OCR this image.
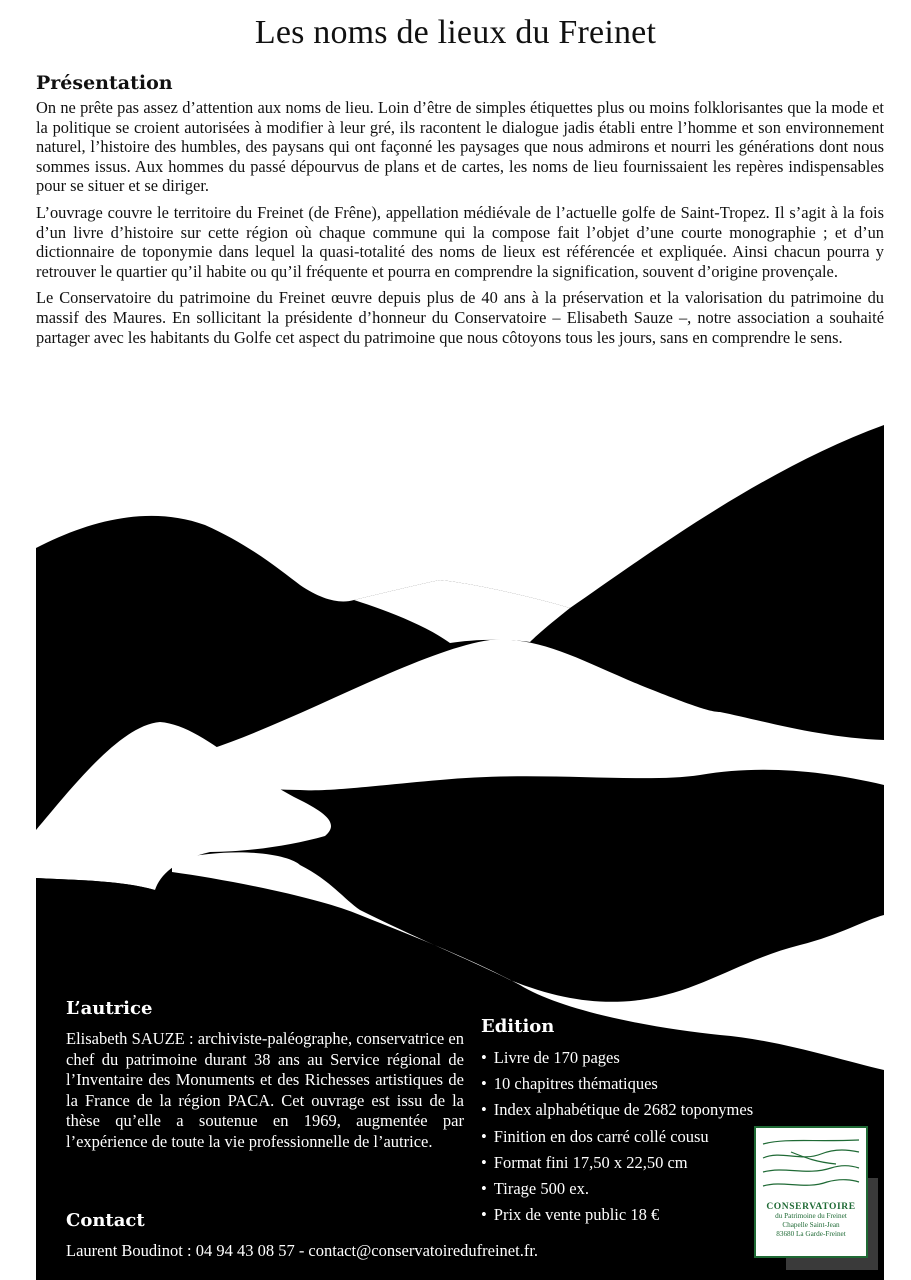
Les noms de lieux du Freinet
Présentation

On ne prête pas assez d’attention aux noms de lieu. Loin d’être de simples étiquettes plus ou moins folklorisantes que la mode et la politique se croient autorisées à modifier à leur gré, ils racontent le dialogue jadis établi entre l’homme et son environnement naturel, l’histoire des humbles, des paysans qui ont façonné les paysages que nous admirons et nourri les générations dont nous sommes issus. Aux hommes du passé dépourvus de plans et de cartes, les noms de lieu fournissaient les repères indispensables pour se situer et se diriger.

L’ouvrage couvre le territoire du Freinet (de Frêne), appellation médiévale de l’actuelle golfe de Saint-Tropez. Il s’agit à la fois d’un livre d’histoire sur cette région où chaque commune qui la compose fait l’objet d’une courte monographie ; et d’un dictionnaire de toponymie dans lequel la quasi-totalité des noms de lieux est référencée et expliquée. Ainsi chacun pourra y retrouver le quartier qu’il habite ou qu’il fréquente et pourra en comprendre la signification, souvent d’origine provençale.

Le Conservatoire du patrimoine du Freinet œuvre depuis plus de 40 ans à la préservation et la valorisation du patrimoine du massif des Maures. En sollicitant la présidente d’honneur du Conservatoire – Elisabeth Sauze –, notre association a souhaité partager avec les habitants du Golfe cet aspect du patrimoine que nous côtoyons tous les jours, sans en comprendre le sens.

L’autrice

Elisabeth SAUZE : archiviste-paléographe, conservatrice en chef du patrimoine durant 38 ans au Service régional de l’Inventaire des Monuments et des Richesses artistiques de la France de la région PACA. Cet ouvrage est issu de la thèse qu’elle a soutenue en 1969, augmentée par l’expérience de toute la vie professionnelle de l’autrice.

Edition
• Livre de 170 pages
• 10 chapitres thématiques
• Index alphabétique de 2682 toponymes
• Finition en dos carré collé cousu
• Format fini 17,50 x 22,50 cm
• Tirage 500 ex.
• Prix de vente public 18 €
Contact

Laurent Boudinot : 04 94 43 08 57 - contact@conservatoiredufreinet.fr.

CONSERVATOIRE
du Patrimoine du Freinet
Chapelle Saint-Jean
83680 La Garde-Freinet
